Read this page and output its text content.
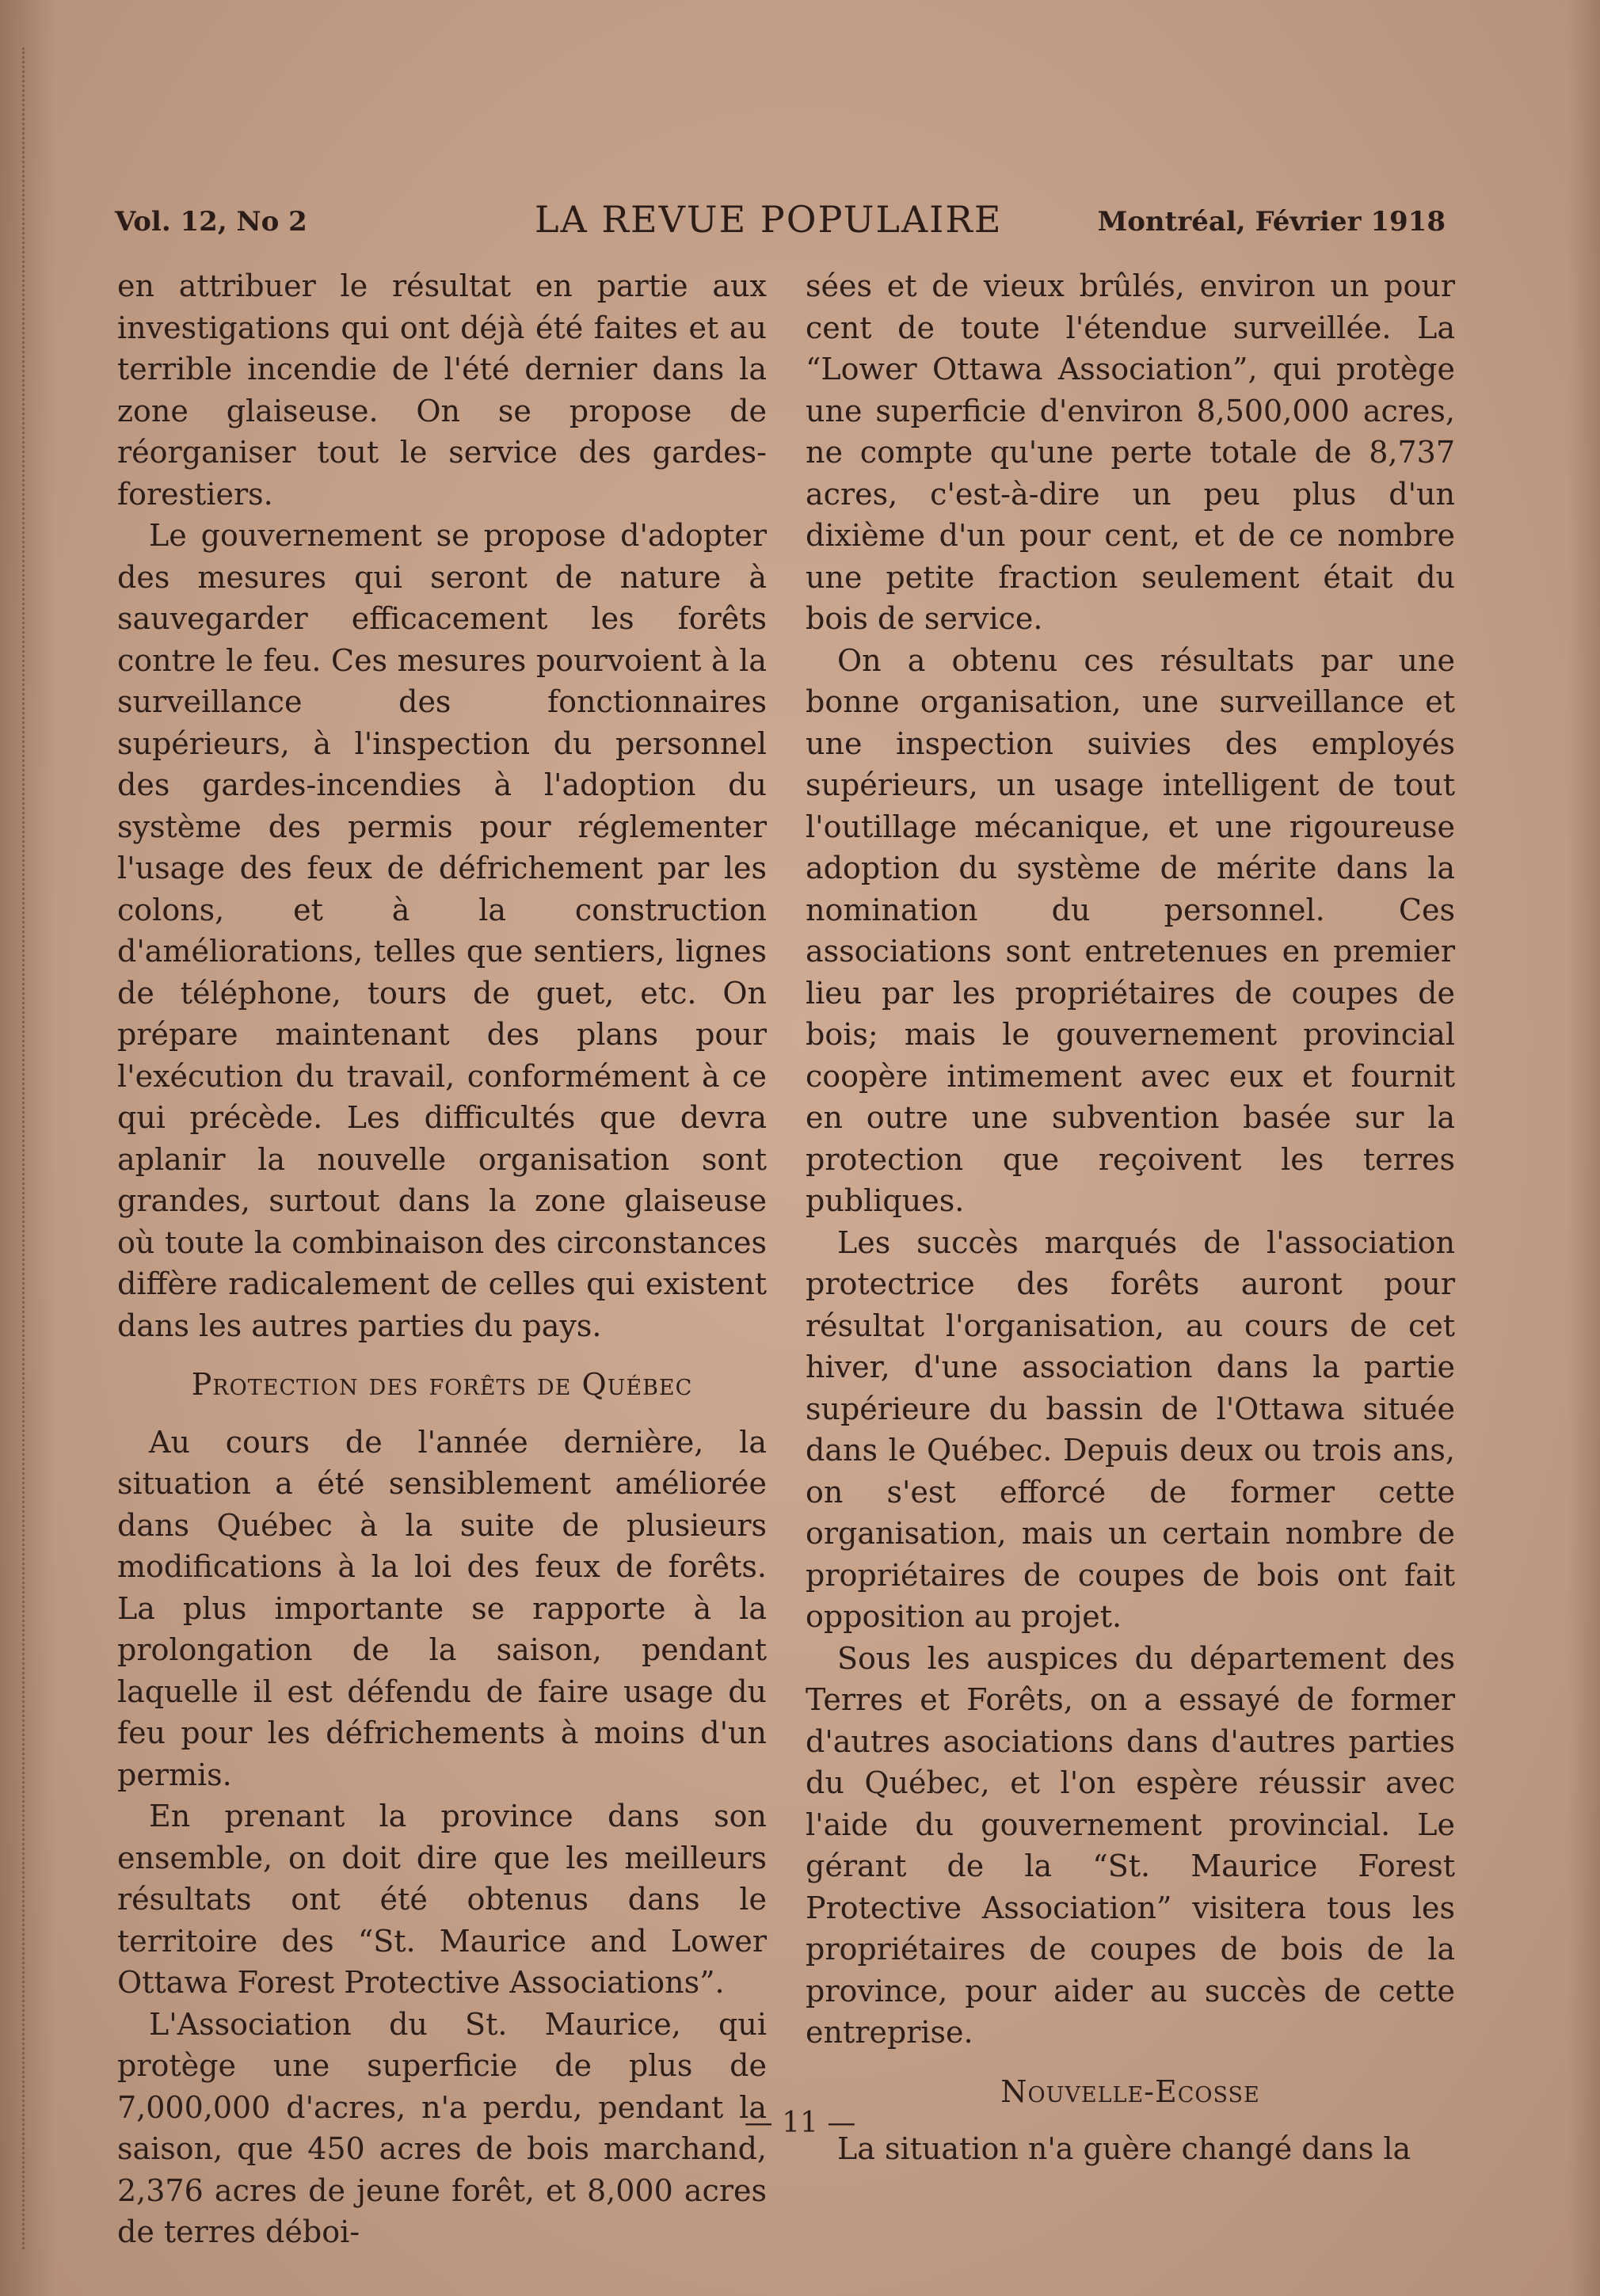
Vol. 12, No 2	LA REVUE POPULAIRE	Montréal, Février 1918

en attribuer le résultat en partie aux investigations qui ont déjà été faites et au terrible incendie de l'été dernier dans la zone glaiseuse. On se propose de réorganiser tout le service des gardes-forestiers.

Le gouvernement se propose d'adopter des mesures qui seront de nature à sauvegarder efficacement les forêts contre le feu. Ces mesures pourvoient à la surveillance des fonctionnaires supérieurs, à l'inspection du personnel des gardes-incendies à l'adoption du système des permis pour réglementer l'usage des feux de défrichement par les colons, et à la construction d'améliorations, telles que sentiers, lignes de téléphone, tours de guet, etc. On prépare maintenant des plans pour l'exécution du travail, conformément à ce qui précède. Les difficultés que devra aplanir la nouvelle organisation sont grandes, surtout dans la zone glaiseuse où toute la combinaison des circonstances diffère radicalement de celles qui existent dans les autres parties du pays.

Protection des forêts de Québec

Au cours de l'année dernière, la situation a été sensiblement améliorée dans Québec à la suite de plusieurs modifications à la loi des feux de forêts. La plus importante se rapporte à la prolongation de la saison, pendant laquelle il est défendu de faire usage du feu pour les défrichements à moins d'un permis.

En prenant la province dans son ensemble, on doit dire que les meilleurs résultats ont été obtenus dans le territoire des “St. Maurice and Lower Ottawa Forest Protective Associations”.

L'Association du St. Maurice, qui protège une superficie de plus de 7,000,000 d'acres, n'a perdu, pendant la saison, que 450 acres de bois marchand, 2,376 acres de jeune forêt, et 8,000 acres de terres déboi-

sées et de vieux brûlés, environ un pour cent de toute l'étendue surveillée. La “Lower Ottawa Association”, qui protège une superficie d'environ 8,500,000 acres, ne compte qu'une perte totale de 8,737 acres, c'est-à-dire un peu plus d'un dixième d'un pour cent, et de ce nombre une petite fraction seulement était du bois de service.

On a obtenu ces résultats par une bonne organisation, une surveillance et une inspection suivies des employés supérieurs, un usage intelligent de tout l'outillage mécanique, et une rigoureuse adoption du système de mérite dans la nomination du personnel. Ces associations sont entretenues en premier lieu par les propriétaires de coupes de bois; mais le gouvernement provincial coopère intimement avec eux et fournit en outre une subvention basée sur la protection que reçoivent les terres publiques.

Les succès marqués de l'association protectrice des forêts auront pour résultat l'organisation, au cours de cet hiver, d'une association dans la partie supérieure du bassin de l'Ottawa située dans le Québec. Depuis deux ou trois ans, on s'est efforcé de former cette organisation, mais un certain nombre de propriétaires de coupes de bois ont fait opposition au projet.

Sous les auspices du département des Terres et Forêts, on a essayé de former d'autres asociations dans d'autres parties du Québec, et l'on espère réussir avec l'aide du gouvernement provincial. Le gérant de la “St. Maurice Forest Protective Association” visitera tous les propriétaires de coupes de bois de la province, pour aider au succès de cette entreprise.

Nouvelle-Ecosse

La situation n'a guère changé dans la

— 11 —
